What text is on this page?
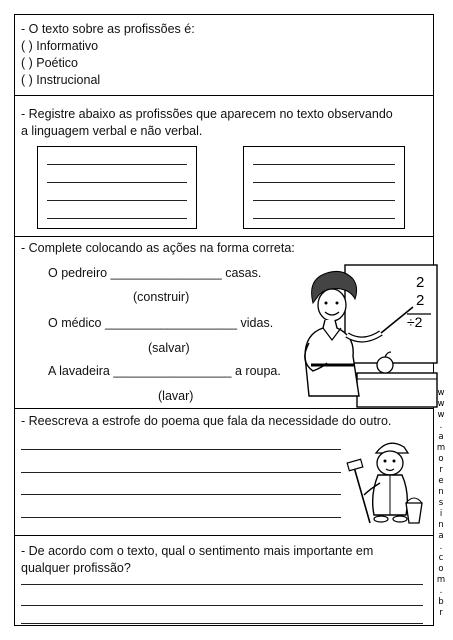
- O texto sobre as profissões é:
( ) Informativo
( ) Poético
( ) Instrucional
- Registre abaixo as profissões que aparecem no texto observando
a linguagem verbal e não verbal.
- Complete colocando as ações na forma correta:
O pedreiro ________________ casas.
(construir)
O médico ___________________ vidas.
(salvar)
A lavadeira _________________ a roupa.
(lavar)
2
2
÷2
- Reescreva a estrofe do poema que fala da necessidade do outro.
- De acordo com o texto, qual o sentimento mais importante em
qualquer profissão?
w
w
w
.
a
m
o
r
e
n
s
i
n
a
.
c
o
m
.
b
r
